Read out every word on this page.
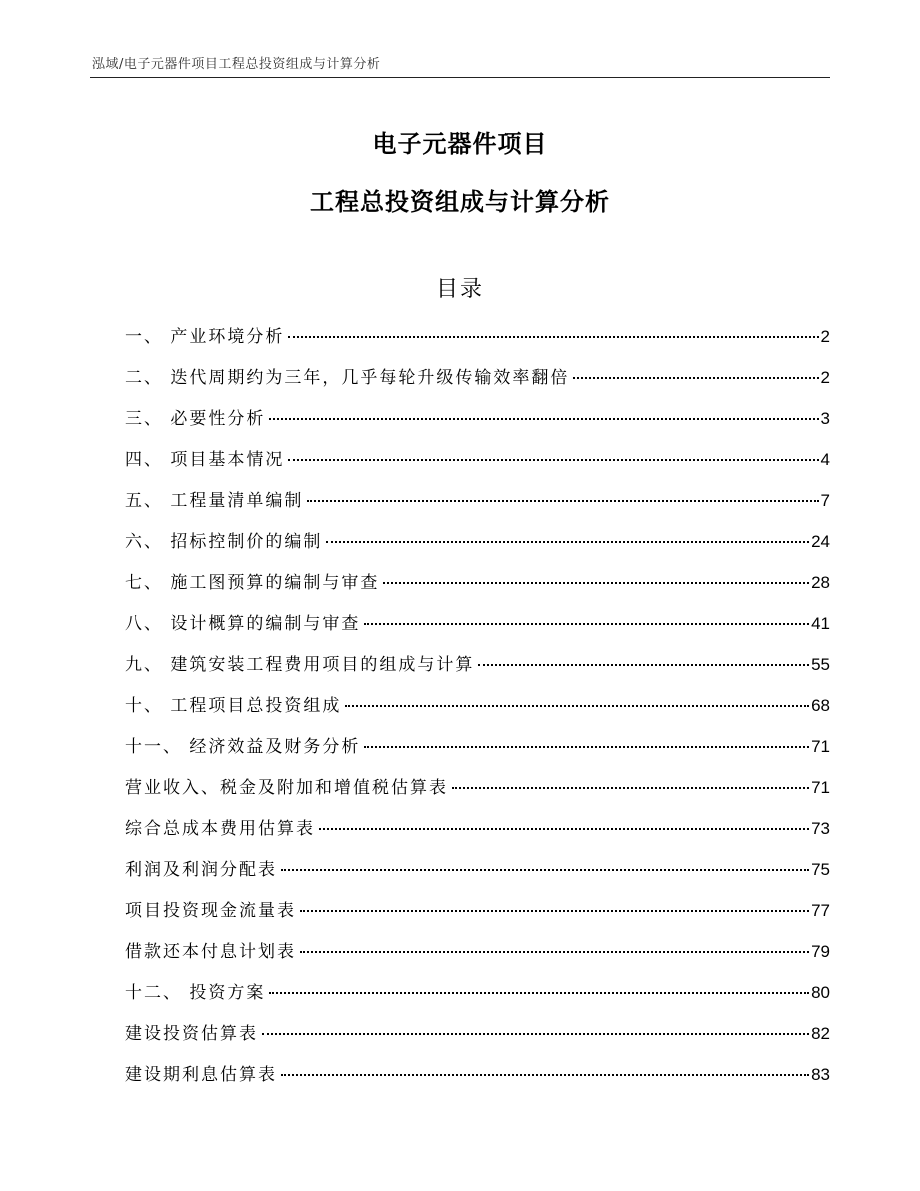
泓域/电子元器件项目工程总投资组成与计算分析
电子元器件项目
工程总投资组成与计算分析
目录
一、 产业环境分析	2
二、 迭代周期约为三年，几乎每轮升级传输效率翻倍	2
三、 必要性分析	3
四、 项目基本情况	4
五、 工程量清单编制	7
六、 招标控制价的编制	24
七、 施工图预算的编制与审查	28
八、 设计概算的编制与审查	41
九、 建筑安装工程费用项目的组成与计算	55
十、 工程项目总投资组成	68
十一、 经济效益及财务分析	71
营业收入、税金及附加和增值税估算表	71
综合总成本费用估算表	73
利润及利润分配表	75
项目投资现金流量表	77
借款还本付息计划表	79
十二、 投资方案	80
建设投资估算表	82
建设期利息估算表	83
